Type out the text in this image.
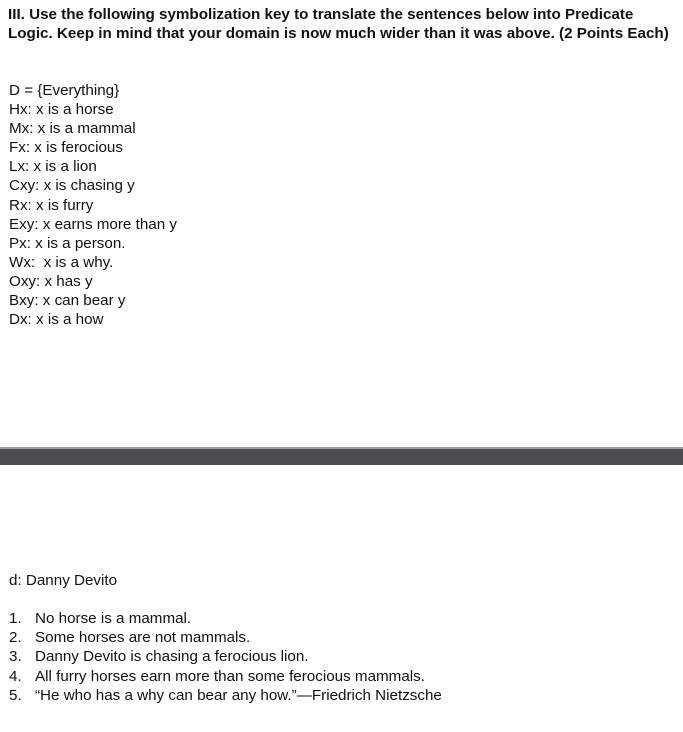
III. Use the following symbolization key to translate the sentences below into Predicate Logic. Keep in mind that your domain is now much wider than it was above. (2 Points Each)

D = {Everything}
Hx: x is a horse
Mx: x is a mammal
Fx: x is ferocious
Lx: x is a lion
Cxy: x is chasing y
Rx: x is furry
Exy: x earns more than y
Px: x is a person.
Wx:  x is a why.
Oxy: x has y
Bxy: x can bear y
Dx: x is a how

d: Danny Devito

1. No horse is a mammal.
2. Some horses are not mammals.
3. Danny Devito is chasing a ferocious lion.
4. All furry horses earn more than some ferocious mammals.
5. “He who has a why can bear any how.”—Friedrich Nietzsche
